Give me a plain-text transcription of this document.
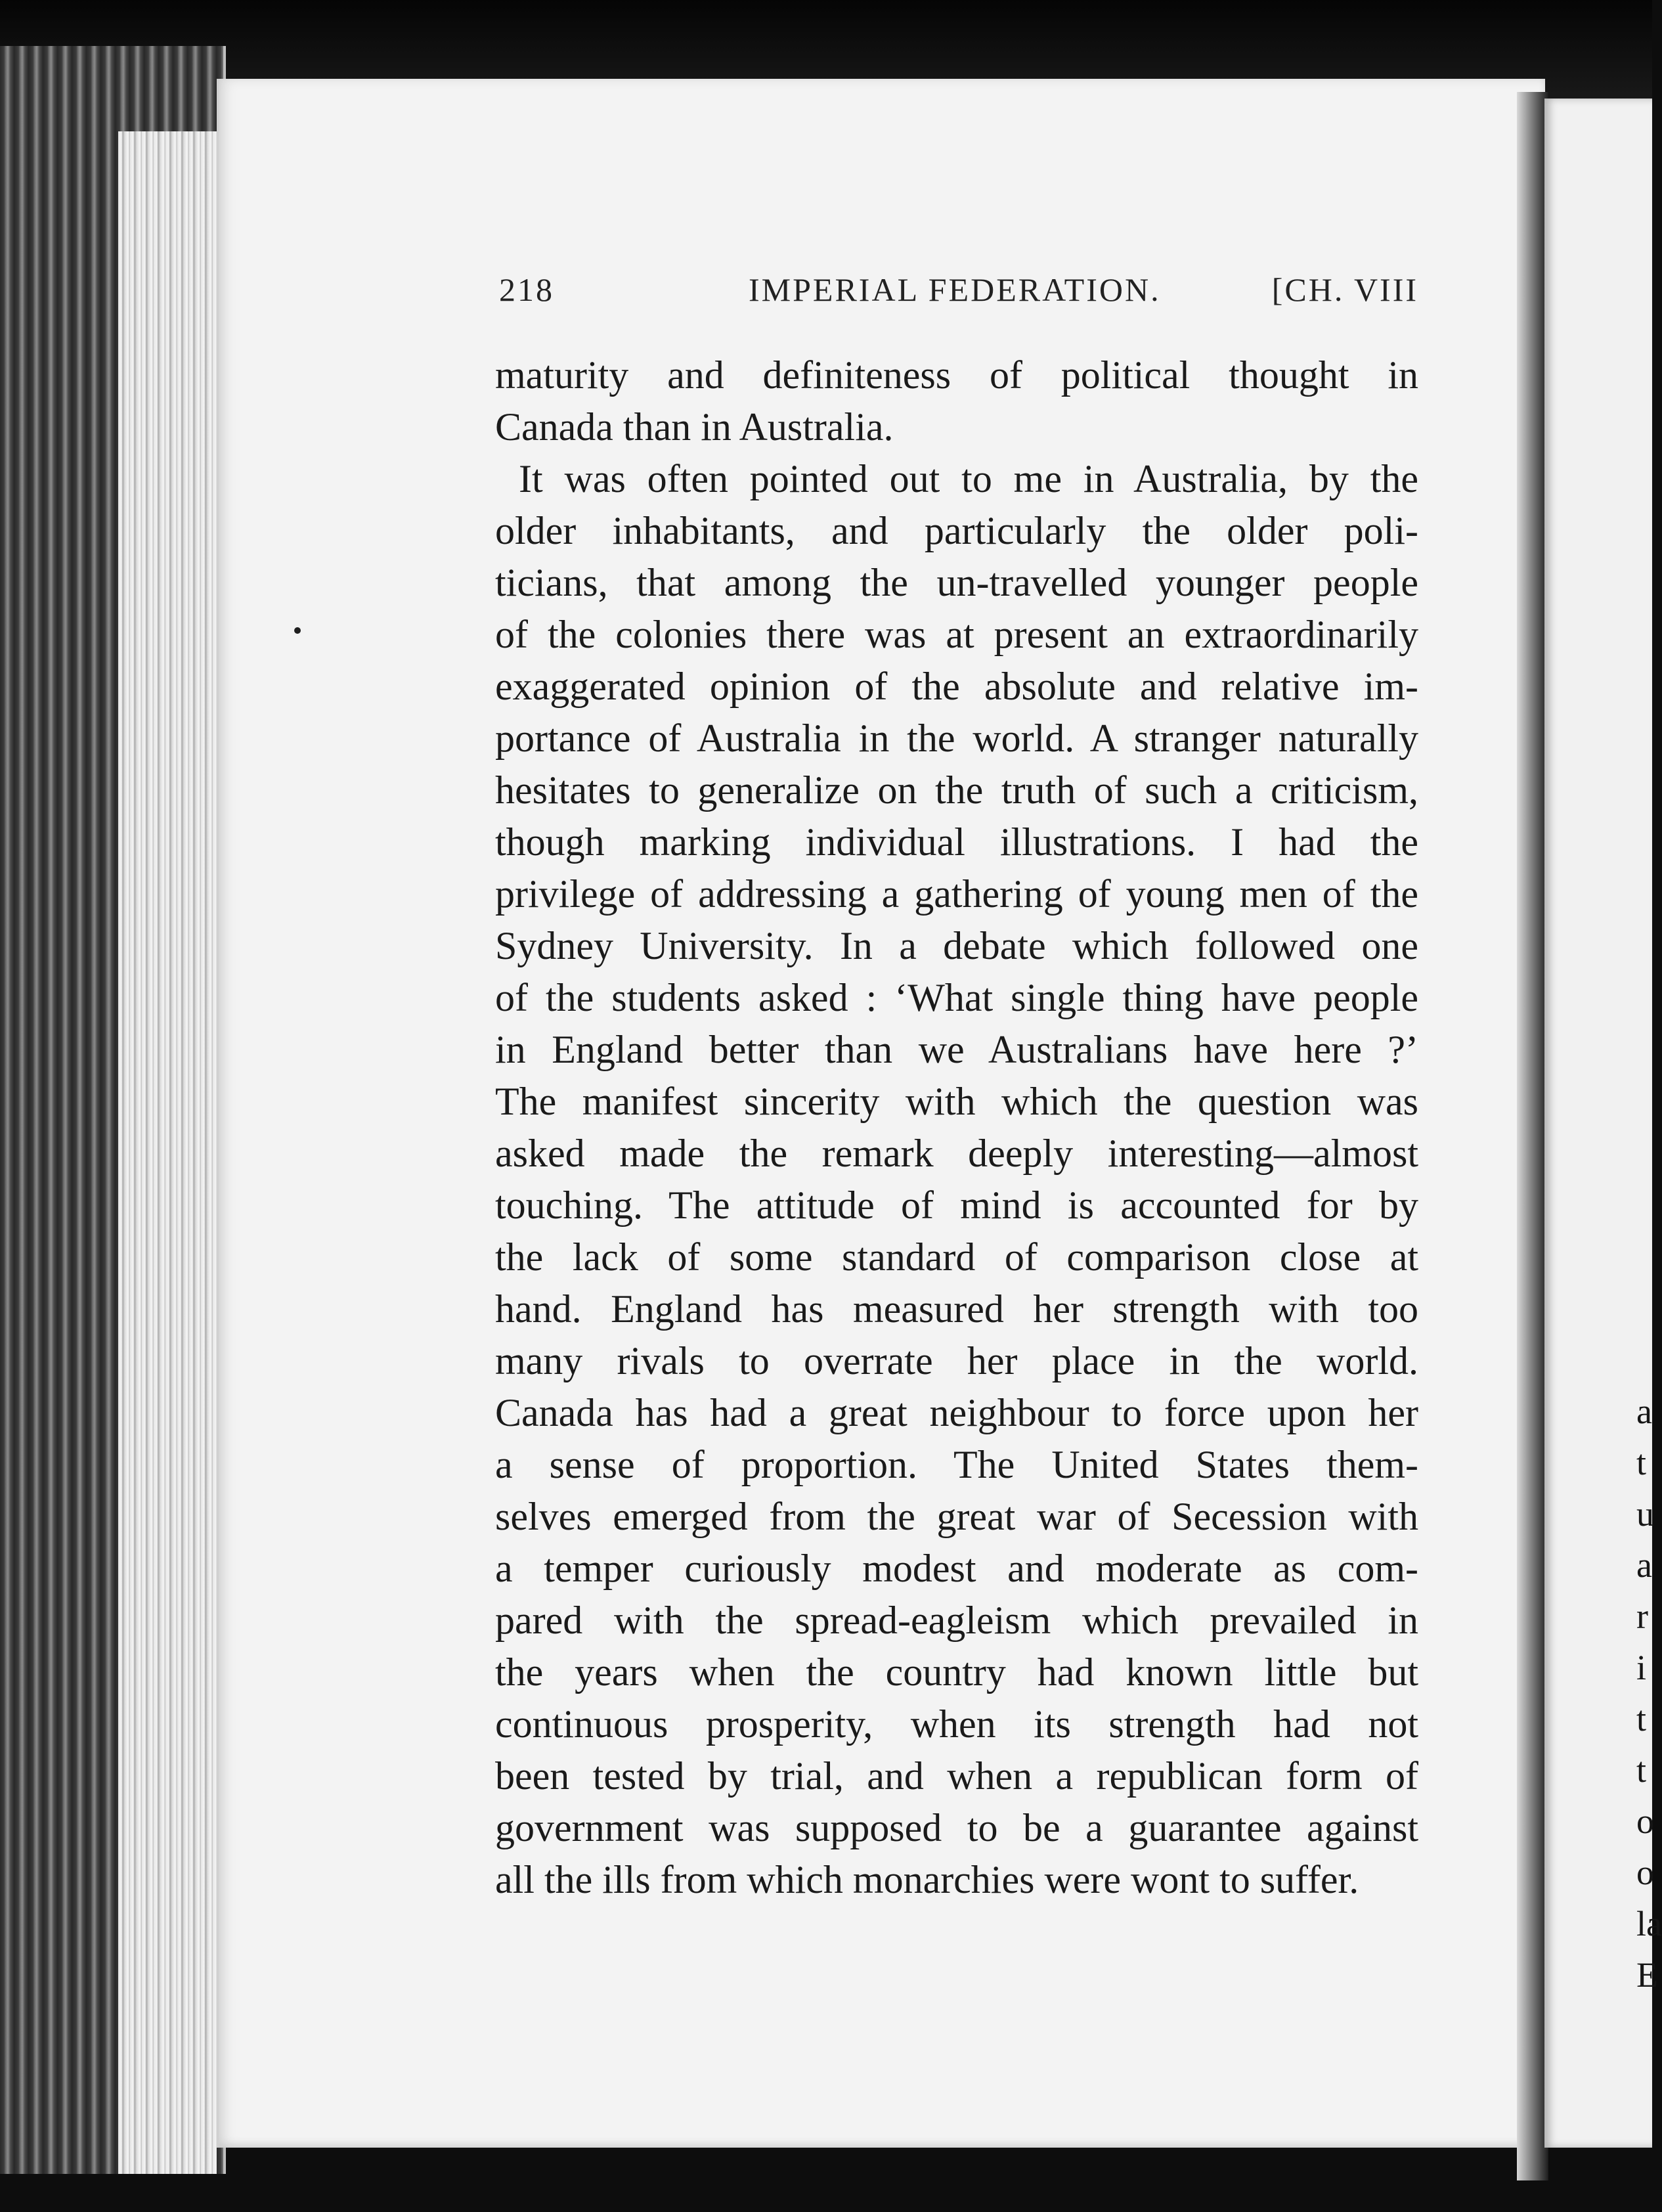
a
t
u
a
r
i
t
t
o
o
la
E
218	IMPERIAL FEDERATION.	[CH. VIII
maturity and definiteness of political thought in
Canada than in Australia.
It was often pointed out to me in Australia, by the
older inhabitants, and particularly the older poli-
ticians, that among the un-travelled younger people
of the colonies there was at present an extraordinarily
exaggerated opinion of the absolute and relative im-
portance of Australia in the world. A stranger naturally
hesitates to generalize on the truth of such a criticism,
though marking individual illustrations. I had the
privilege of addressing a gathering of young men of the
Sydney University. In a debate which followed one
of the students asked : ‘What single thing have people
in England better than we Australians have here ?’
The manifest sincerity with which the question was
asked made the remark deeply interesting—almost
touching. The attitude of mind is accounted for by
the lack of some standard of comparison close at
hand. England has measured her strength with too
many rivals to overrate her place in the world.
Canada has had a great neighbour to force upon her
a sense of proportion. The United States them-
selves emerged from the great war of Secession with
a temper curiously modest and moderate as com-
pared with the spread-eagleism which prevailed in
the years when the country had known little but
continuous prosperity, when its strength had not
been tested by trial, and when a republican form of
government was supposed to be a guarantee against
all the ills from which monarchies were wont to suffer.
